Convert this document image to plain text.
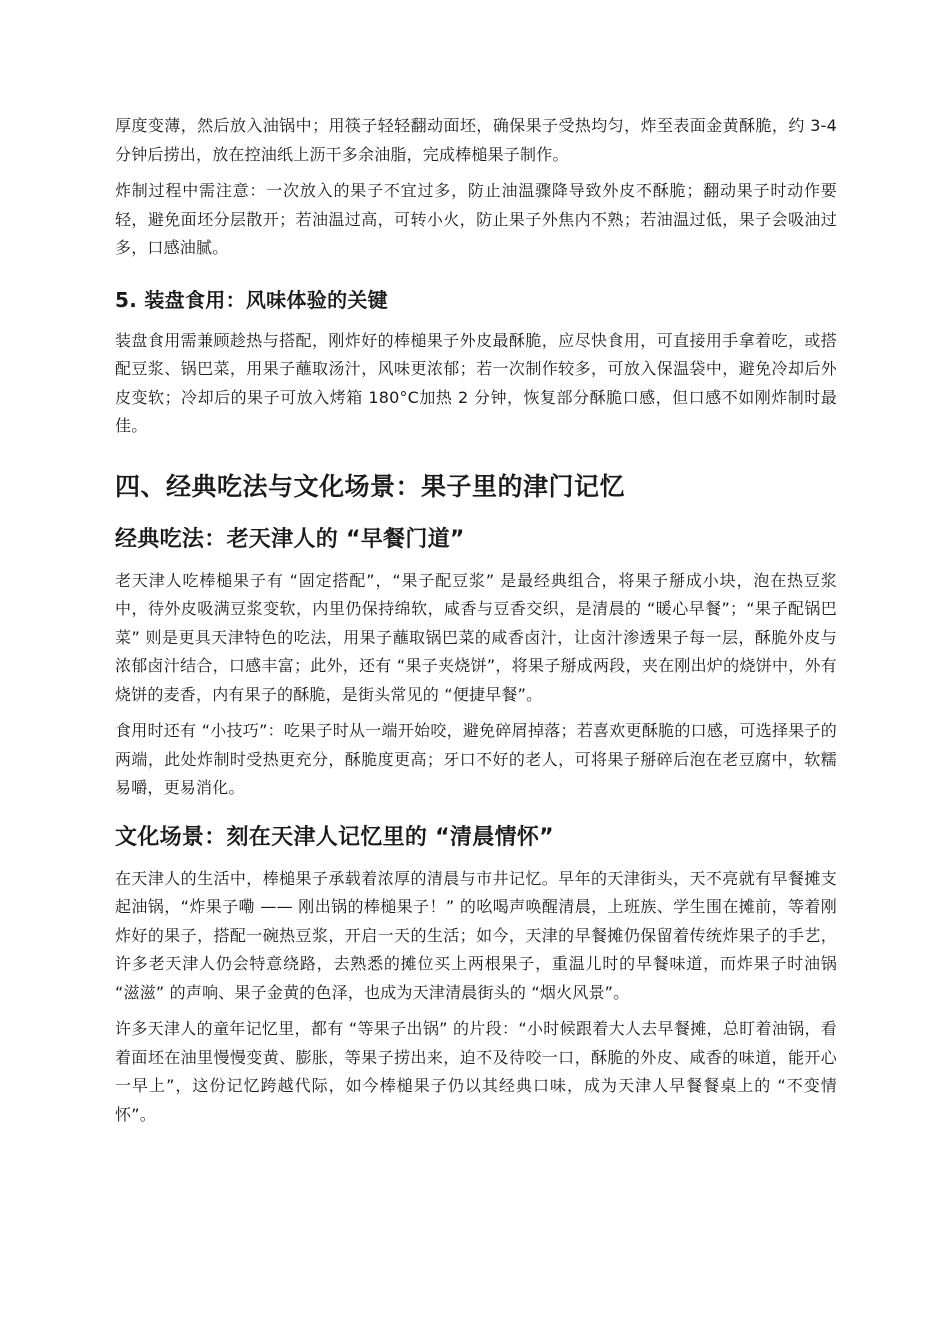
厚度变薄，然后放入油锅中；用筷子轻轻翻动面坯，确保果子受热均匀，炸至表面金黄酥脆，约 3-4 分钟后捞出，放在控油纸上沥干多余油脂，完成棒槌果子制作。

炸制过程中需注意：一次放入的果子不宜过多，防止油温骤降导致外皮不酥脆；翻动果子时动作要轻，避免面坯分层散开；若油温过高，可转小火，防止果子外焦内不熟；若油温过低，果子会吸油过多，口感油腻。

5. 装盘食用：风味体验的关键

装盘食用需兼顾趁热与搭配，刚炸好的棒槌果子外皮最酥脆，应尽快食用，可直接用手拿着吃，或搭配豆浆、锅巴菜，用果子蘸取汤汁，风味更浓郁；若一次制作较多，可放入保温袋中，避免冷却后外皮变软；冷却后的果子可放入烤箱 180°C加热 2 分钟，恢复部分酥脆口感，但口感不如刚炸制时最佳。

四、经典吃法与文化场景：果子里的津门记忆
经典吃法：老天津人的 “早餐门道”

老天津人吃棒槌果子有 “固定搭配”，“果子配豆浆” 是最经典组合，将果子掰成小块，泡在热豆浆中，待外皮吸满豆浆变软，内里仍保持绵软，咸香与豆香交织，是清晨的 “暖心早餐”；“果子配锅巴菜” 则是更具天津特色的吃法，用果子蘸取锅巴菜的咸香卤汁，让卤汁渗透果子每一层，酥脆外皮与浓郁卤汁结合，口感丰富；此外，还有 “果子夹烧饼”，将果子掰成两段，夹在刚出炉的烧饼中，外有烧饼的麦香，内有果子的酥脆，是街头常见的 “便捷早餐”。

食用时还有 “小技巧”：吃果子时从一端开始咬，避免碎屑掉落；若喜欢更酥脆的口感，可选择果子的两端，此处炸制时受热更充分，酥脆度更高；牙口不好的老人，可将果子掰碎后泡在老豆腐中，软糯易嚼，更易消化。

文化场景：刻在天津人记忆里的 “清晨情怀”

在天津人的生活中，棒槌果子承载着浓厚的清晨与市井记忆。早年的天津街头，天不亮就有早餐摊支起油锅，“炸果子嘞 —— 刚出锅的棒槌果子！” 的吆喝声唤醒清晨，上班族、学生围在摊前，等着刚炸好的果子，搭配一碗热豆浆，开启一天的生活；如今，天津的早餐摊仍保留着传统炸果子的手艺，许多老天津人仍会特意绕路，去熟悉的摊位买上两根果子，重温儿时的早餐味道，而炸果子时油锅 “滋滋” 的声响、果子金黄的色泽，也成为天津清晨街头的 “烟火风景”。

许多天津人的童年记忆里，都有 “等果子出锅” 的片段：“小时候跟着大人去早餐摊，总盯着油锅，看着面坯在油里慢慢变黄、膨胀，等果子捞出来，迫不及待咬一口，酥脆的外皮、咸香的味道，能开心一早上”，这份记忆跨越代际，如今棒槌果子仍以其经典口味，成为天津人早餐餐桌上的 “不变情怀”。
